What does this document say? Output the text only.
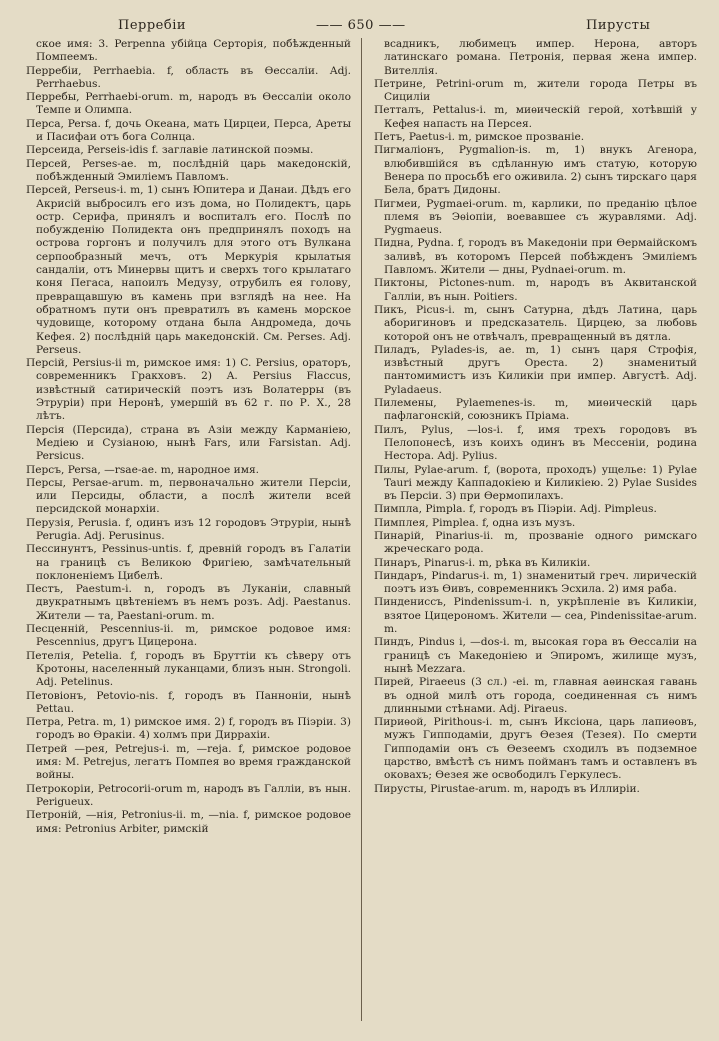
Перребіи	—— 650 ——	Пирусты

ское имя: 3. Perpenna убійца Серторія, побѣжденный Помпеемъ.

Перребіи, Perrhaebia. f, область въ Ѳессаліи. Adj. Perrhaebus.

Перребы, Perrhaebi-orum. m, народъ въ Ѳессаліи около Темпе и Олимпа.

Персa, Persa. f, дочь Океана, мать Цирцеи, Персa, Ареты и Пасифаи отъ бога Солнца.

Персеида, Perseis-idis f. заглавіе латинской поэмы.

Персей, Perses-ae. m, послѣдній царь македонскій, побѣжденный Эмиліемъ Павломъ.

Персей, Perseus-i. m, 1) сынъ Юпитера и Данаи. Дѣдъ его Акрисій выбросилъ его изъ дома, но Полидектъ, царь остр. Серифа, принялъ и воспиталъ его. Послѣ по побужденію Полидекта онъ предпринялъ походъ на острова горгонъ и получилъ для этого отъ Вулкана серпообразный мечъ, отъ Меркурія крылатыя сандаліи, отъ Минервы щитъ и сверхъ того крылатаго коня Пегаса, напоилъ Медузу, отрубилъ ея голову, превращавшую въ камень при взглядѣ на нее. На обратномъ пути онъ превратилъ въ камень морское чудовище, которому отдана была Андромеда, дочь Кефея. 2) послѣдній царь македонскій. См. Perses. Adj. Perseus.

Персій, Persius-ii m, римское имя: 1) C. Persius, ораторъ, современникъ Гракховъ. 2) A. Persius Flaccus, извѣстный сатирическій поэтъ изъ Волатерры (въ Этруріи) при Неронѣ, умершій въ 62 г. по Р. Х., 28 лѣтъ.

Персія (Персида), страна въ Азіи между Карманіею, Медіею и Сузіаною, нынѣ Fars, или Farsistan. Adj. Persicus.

Персъ, Persa, —rsae-ae. m, народное имя.

Персы, Persae-arum. m, первоначально жители Персіи, или Персиды, области, а послѣ жители всей персидской монархіи.

Перузія, Perusia. f, одинъ изъ 12 городовъ Этруріи, нынѣ Perugia. Adj. Perusinus.

Пессинунтъ, Pessinus-untis. f, древній городъ въ Галатіи на границѣ съ Великою Фригіею, замѣчательный поклоненіемъ Цибелѣ.

Пестъ, Paestum-i. n, городъ въ Луканіи, славный двукратнымъ цвѣтеніемъ въ немъ розъ. Adj. Paestanus. Жители — та, Paestani-orum. m.

Песценній, Pescennius-ii. m, римское родовое имя: Pescennius, другъ Цицерона.

Петелія, Petelia. f, городъ въ Бруттіи къ сѣверу отъ Кротоны, населенный луканцами, близъ нын. Strongoli. Adj. Petelinus.

Петовіонъ, Petovio-nis. f, городъ въ Панноніи, нынѣ Pettau.

Петра, Petra. m, 1) римское имя. 2) f, городъ въ Піэріи. 3) городъ во Ѳракіи. 4) холмъ при Дирраxіи.

Петрей —рея, Petrejus-i. m, —reja. f, римское родовое имя: M. Petrejus, легатъ Помпея во время гражданской войны.

Петрокоріи, Petrocorii-orum m, народъ въ Галліи, въ нын. Perigueux.

Петроній, —нія, Petronius-ii. m, —nia. f, римское родовое имя: Petronius Arbiter, римскій

всадникъ, любимецъ импер. Нерона, авторъ латинскаго романа. Петронія, первая жена импер. Вителлія.

Петрине, Petrini-orum m, жители города Петры въ Сициліи

Петталъ, Pettalus-i. m, миѳическій герой, хотѣвшій у Кефея напасть на Персея.

Петъ, Paetus-i. m, римское прозваніе.

Пигмаліонъ, Pygmalion-is. m, 1) внукъ Агенора, влюбившійся въ сдѣланную имъ статую, которую Венера по просьбѣ его оживила. 2) сынъ тирскаго царя Бела, братъ Дидоны.

Пигмеи, Pygmaei-orum. m, карлики, по преданію цѣлое племя въ Эѳіопіи, воевавшее съ журавлями. Adj. Pygmaeus.

Пидна, Pydna. f, городъ въ Македоніи при Ѳермаійскомъ заливѣ, въ которомъ Персей побѣжденъ Эмиліемъ Павломъ. Жители — дны, Pydnaei-orum. m.

Пиктоны, Pictones-num. m, народъ въ Аквитанской Галліи, въ нын. Poitiers.

Пикъ, Picus-i. m, сынъ Сатурна, дѣдъ Латина, царь аборигиновъ и предсказатель. Цирцею, за любовь которой онъ не отвѣчалъ, превращенный въ дятла.

Пиладъ, Pylades-is, ae. m, 1) сынъ царя Строфія, извѣстный другъ Ореста. 2) знаменитый пантомимистъ изъ Киликіи при импер. Августѣ. Adj. Pyladaeus.

Пилемены, Pylaemenes-is. m, миѳическій царь пафлагонскій, союзникъ Пріама.

Пилъ, Pylus, —los-i. f, имя трехъ городовъ въ Пелопонесѣ, изъ коихъ одинъ въ Мессеніи, родина Нестора. Adj. Pylius.

Пилы, Pylae-arum. f, (ворота, проходъ) ущелье: 1) Pylae Tauri между Каппадокіею и Киликіею. 2) Pylae Susides въ Персіи. 3) при Ѳермопилахъ.

Пимпла, Pimpla. f, городъ въ Піэріи. Adj. Pimpleus.

Пимплея, Pimplea. f, одна изъ музъ.

Пинарій, Pinarius-ii. m, прозваніе одного римскаго жреческаго рода.

Пинаръ, Pinarus-i. m, рѣка въ Киликіи.

Пиндаръ, Pindarus-i. m, 1) знаменитый греч. лирическій поэтъ изъ Ѳивъ, современникъ Эсхила. 2) имя раба.

Пиндениссъ, Pindenissum-i. n, укрѣпленіе въ Киликіи, взятое Цицерономъ. Жители — сеа, Pindenissitae-arum. m.

Пиндъ, Pindus i, —dos-i. m, высокая гора въ Ѳессаліи на границѣ съ Македоніею и Эпиромъ, жилище музъ, нынѣ Mezzara.

Пирей, Piraeeus (3 сл.) -ei. m, главная аѳинская гавань въ одной милѣ отъ города, соединенная съ нимъ длинными стѣнами. Adj. Piraeus.

Пириѳой, Pirithous-i. m, сынъ Иксіона, царь лапиѳовъ, мужъ Гипподаміи, другъ Ѳезея (Тезея). По смерти Гипподаміи онъ съ Ѳезеемъ сходилъ въ подземное царство, вмѣстѣ съ нимъ пойманъ тамъ и оставленъ въ оковахъ; Ѳезея же освободилъ Геркулесъ.

Пирусты, Pirustae-arum. m, народъ въ Иллиріи.
